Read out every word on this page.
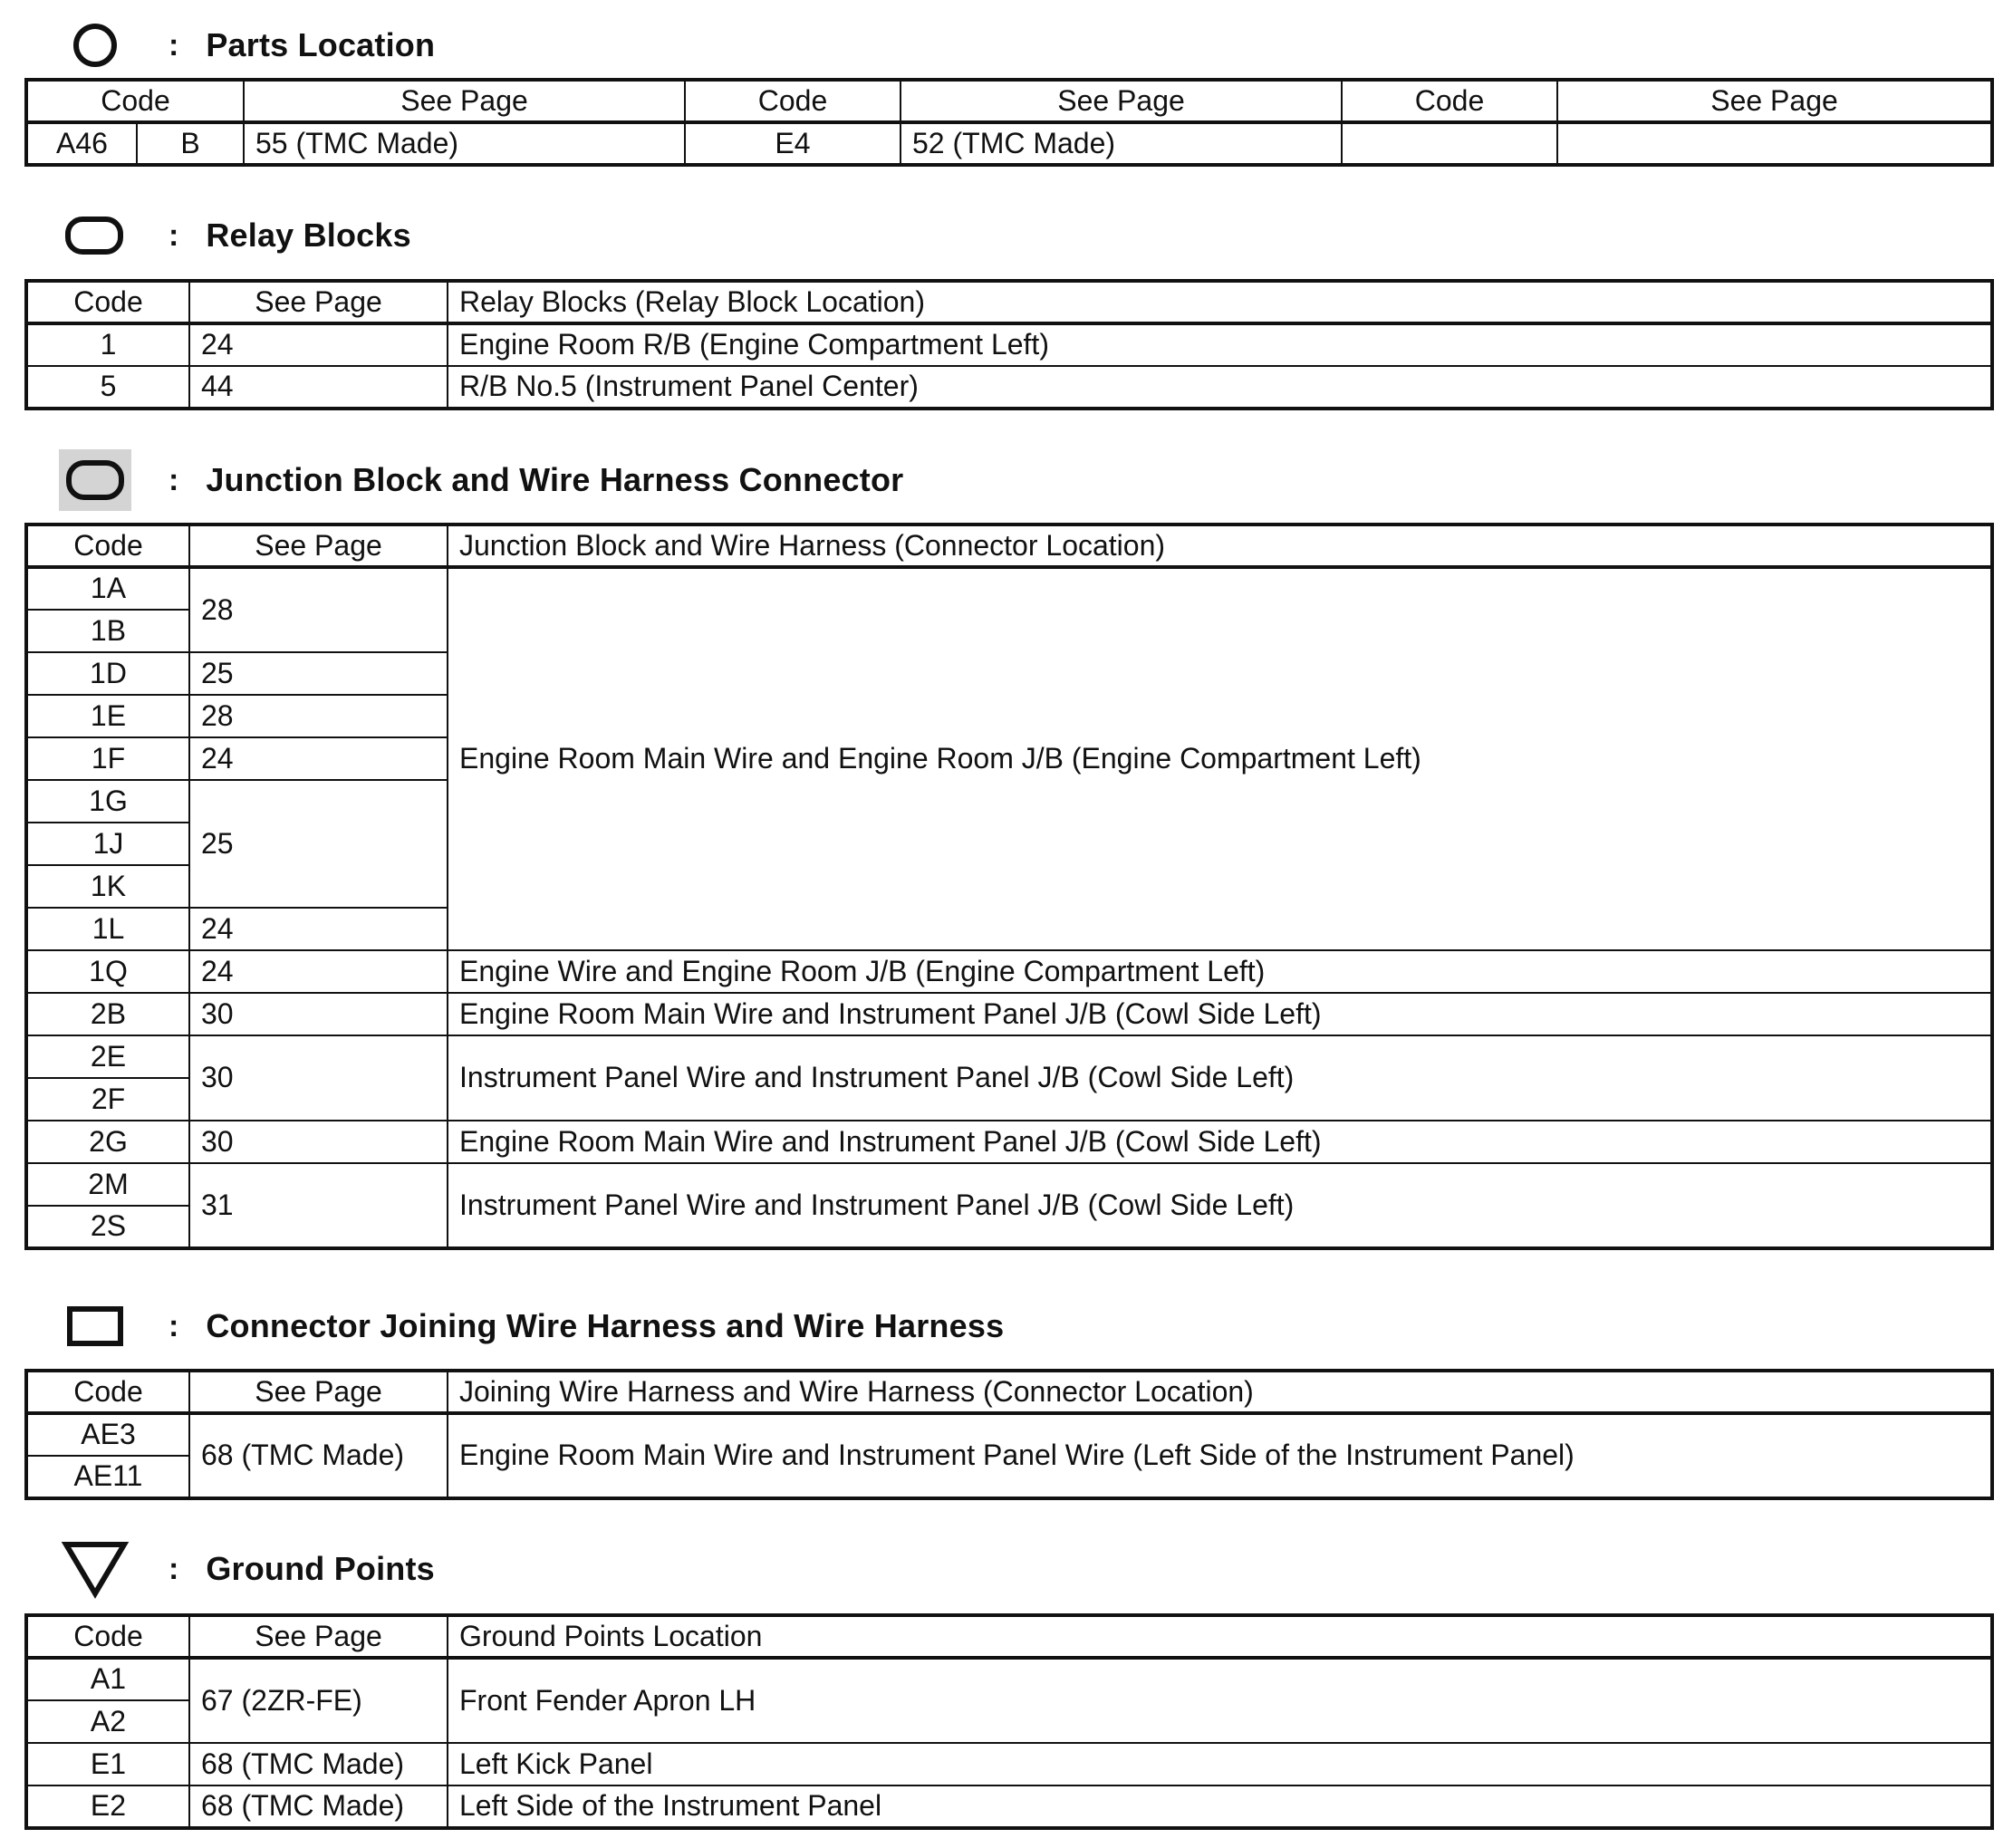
: Parts Location
Code		See Page	Code	See Page	Code	See Page
A46	B	55 (TMC Made)	E4	52 (TMC Made)		
: Relay Blocks
Code	See Page	Relay Blocks (Relay Block Location)
1	24	Engine Room R/B (Engine Compartment Left)
5	44	R/B No.5 (Instrument Panel Center)
: Junction Block and Wire Harness Connector
Code	See Page	Junction Block and Wire Harness (Connector Location)
1A	28	Engine Room Main Wire and Engine Room J/B (Engine Compartment Left)
1B		
1D	25	
1E	28	
1F	24	
1G	25	
1J		
1K		
1L	24	
1Q	24	Engine Wire and Engine Room J/B (Engine Compartment Left)
2B	30	Engine Room Main Wire and Instrument Panel J/B (Cowl Side Left)
2E	30	Instrument Panel Wire and Instrument Panel J/B (Cowl Side Left)
2F		
2G	30	Engine Room Main Wire and Instrument Panel J/B (Cowl Side Left)
2M	31	Instrument Panel Wire and Instrument Panel J/B (Cowl Side Left)
2S		
: Connector Joining Wire Harness and Wire Harness
Code	See Page	Joining Wire Harness and Wire Harness (Connector Location)
AE3	68 (TMC Made)	Engine Room Main Wire and Instrument Panel Wire (Left Side of the Instrument Panel)
AE11		
: Ground Points
Code	See Page	Ground Points Location
A1	67 (2ZR-FE)	Front Fender Apron LH
A2		
E1	68 (TMC Made)	Left Kick Panel
E2	68 (TMC Made)	Left Side of the Instrument Panel
